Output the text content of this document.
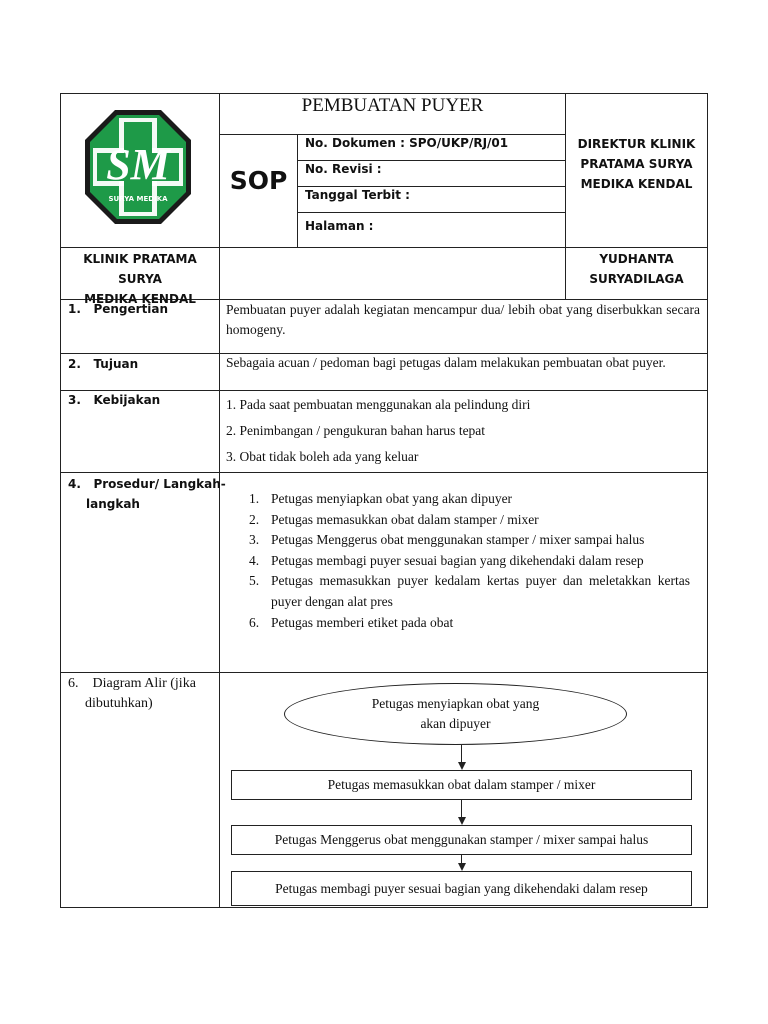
SM
SURYA MEDIKA
PEMBUATAN PUYER
SOP
No. Dokumen : SPO/UKP/RJ/01
No. Revisi :
Tanggal Terbit :
Halaman :
DIREKTUR KLINIK
PRATAMA SURYA
MEDIKA KENDAL
KLINIK PRATAMA SURYA
MEDIKA KENDAL
YUDHANTA
SURYADILAGA
1.   Pengertian	Pembuatan puyer adalah kegiatan mencampur dua/ lebih obat yang diserbukkan secara homogeny.
2.   Tujuan	Sebagaia acuan / pedoman bagi petugas dalam melakukan pembuatan obat puyer.
3.   Kebijakan	1. Pada saat pembuatan menggunakan ala pelindung diri
2. Penimbangan / pengukuran bahan harus tepat
3. Obat tidak boleh ada yang keluar
4.   Prosedur/ Langkah-
langkah	1. Petugas menyiapkan obat yang akan dipuyer
2. Petugas memasukkan obat dalam stamper / mixer
3. Petugas Menggerus obat menggunakan stamper / mixer sampai halus
4. Petugas membagi puyer sesuai bagian yang dikehendaki dalam resep
5. Petugas memasukkan puyer kedalam kertas puyer dan meletakkan kertas puyer dengan alat pres
6. Petugas memberi etiket pada obat
6.    Diagram Alir (jika
dibutuhkan)	Petugas menyiapkan obat yang
akan dipuyer
Petugas memasukkan obat dalam stamper / mixer
Petugas Menggerus obat menggunakan stamper / mixer sampai halus
Petugas membagi puyer sesuai bagian yang dikehendaki dalam resep
